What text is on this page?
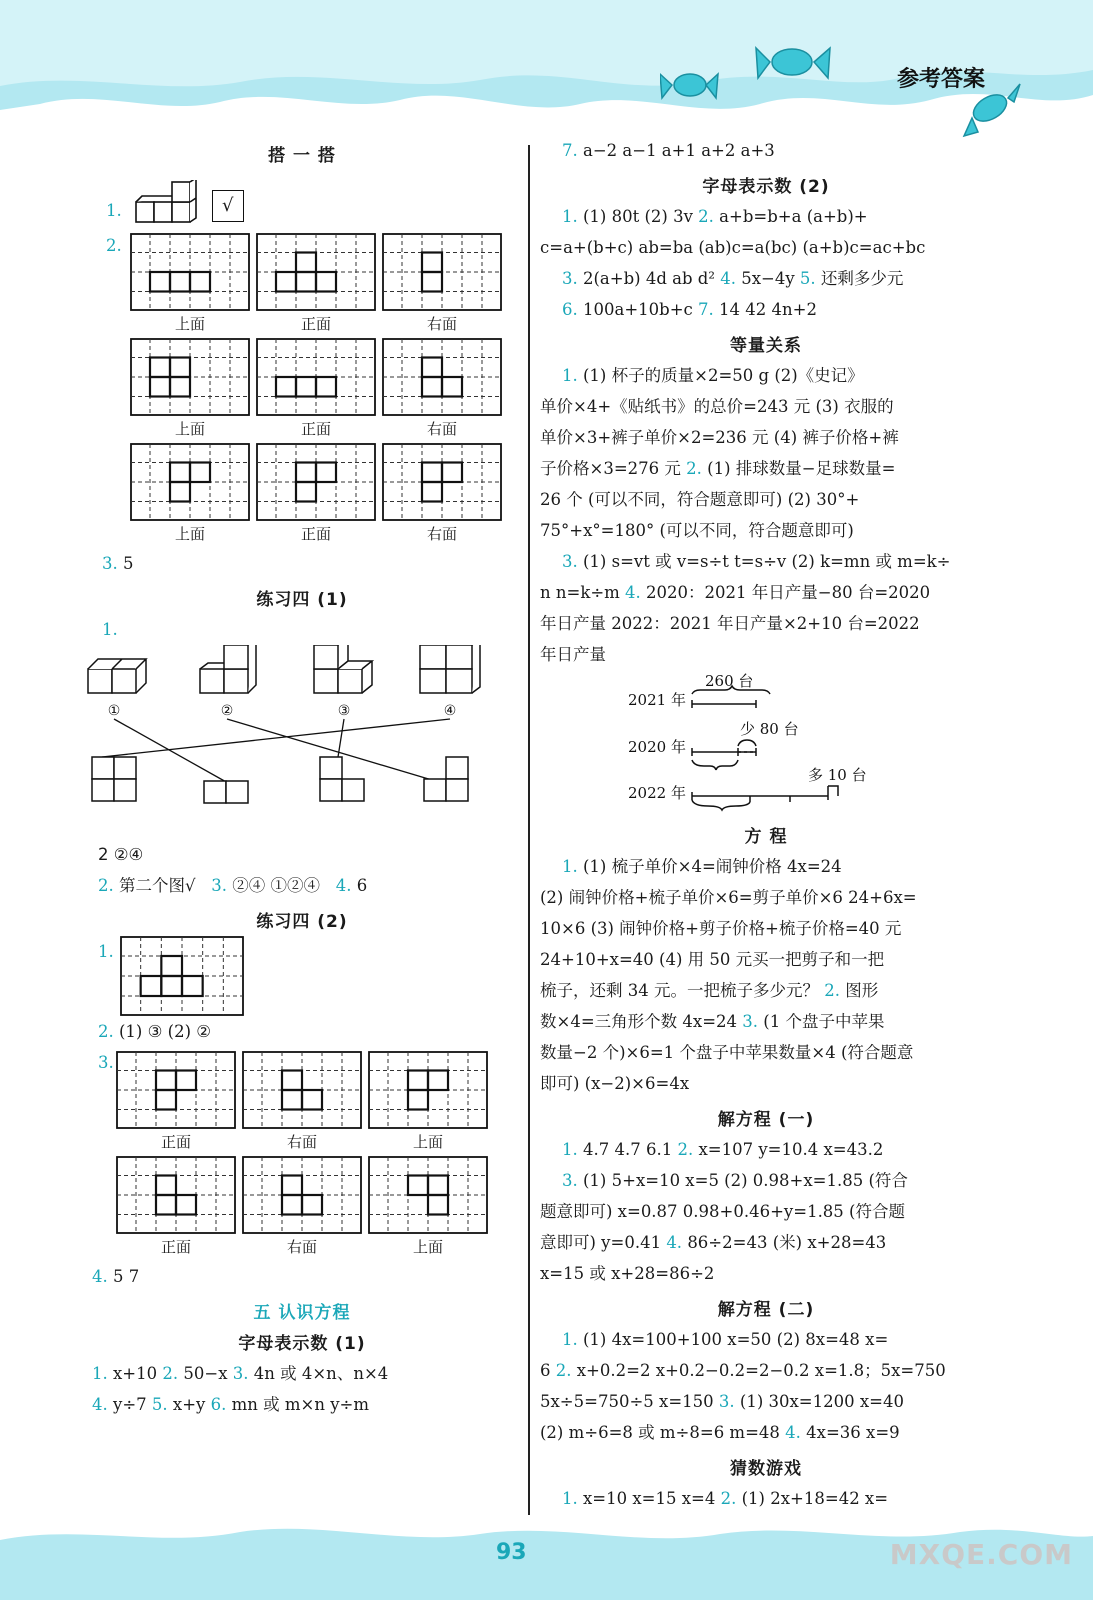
参考答案
93	MXQE.COM
搭 一 搭
1.	√
2.
上面	正面	右面
上面	正面	右面
上面	正面	右面
3. 5
练习四 (1)
1.
①	②	③	④
2 ②④
2. 第二个图√ 3. ②④ ①②④ 4. 6
练习四 (2)
1.
2. (1) ③ (2) ②
3.
正面	右面	上面
正面	右面	上面
4. 5 7
五 认识方程
字母表示数 (1)
1. x+10 2. 50−x 3. 4n 或 4×n、n×4
4. y÷7 5. x+y 6. mn 或 m×n y÷m
7. a−2 a−1 a+1 a+2 a+3
字母表示数 (2)
1. (1) 80t (2) 3v 2. a+b=b+a (a+b)+
c=a+(b+c) ab=ba (ab)c=a(bc) (a+b)c=ac+bc
3. 2(a+b) 4d ab d² 4. 5x−4y 5. 还剩多少元
6. 100a+10b+c 7. 14 42 4n+2
等量关系
1. (1) 杯子的质量×2=50 g (2)《史记》
单价×4+《贴纸书》的总价=243 元 (3) 衣服的
单价×3+裤子单价×2=236 元 (4) 裤子价格+裤
子价格×3=276 元 2. (1) 排球数量−足球数量=
26 个 (可以不同，符合题意即可) (2) 30°+
75°+x°=180° (可以不同，符合题意即可)
3. (1) s=vt 或 v=s÷t t=s÷v (2) k=mn 或 m=k÷
n n=k÷m 4. 2020：2021 年日产量−80 台=2020
年日产量 2022：2021 年日产量×2+10 台=2022
年日产量
2021 年
2020 年
2022 年
260 台
少 80 台
多 10 台
方 程
1. (1) 梳子单价×4=闹钟价格 4x=24
(2) 闹钟价格+梳子单价×6=剪子单价×6 24+6x=
10×6 (3) 闹钟价格+剪子价格+梳子价格=40 元
24+10+x=40 (4) 用 50 元买一把剪子和一把
梳子，还剩 34 元。一把梳子多少元？ 2. 图形
数×4=三角形个数 4x=24 3. (1 个盘子中苹果
数量−2 个)×6=1 个盘子中苹果数量×4 (符合题意
即可) (x−2)×6=4x
解方程 (一)
1. 4.7 4.7 6.1 2. x=107 y=10.4 x=43.2
3. (1) 5+x=10 x=5 (2) 0.98+x=1.85 (符合
题意即可) x=0.87 0.98+0.46+y=1.85 (符合题
意即可) y=0.41 4. 86÷2=43 (米) x+28=43
x=15 或 x+28=86÷2
解方程 (二)
1. (1) 4x=100+100 x=50 (2) 8x=48 x=
6 2. x+0.2=2 x+0.2−0.2=2−0.2 x=1.8；5x=750
5x÷5=750÷5 x=150 3. (1) 30x=1200 x=40
(2) m÷6=8 或 m÷8=6 m=48 4. 4x=36 x=9
猜数游戏
1. x=10 x=15 x=4 2. (1) 2x+18=42 x=
